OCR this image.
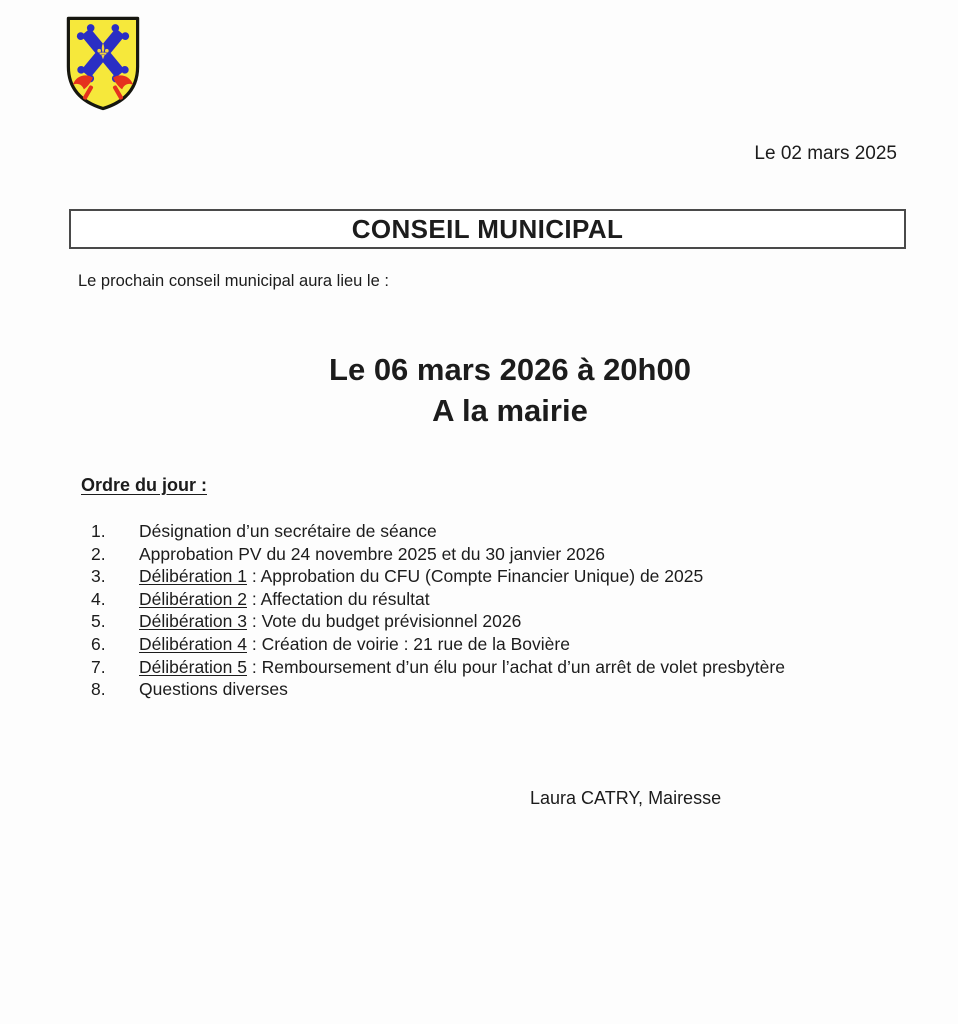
Le 02 mars 2025
CONSEIL MUNICIPAL
Le prochain conseil municipal aura lieu le :
Le 06 mars 2026 à 20h00
A la mairie
Ordre du jour :
1.	Désignation d’un secrétaire de séance
2.	Approbation PV du 24 novembre 2025 et du 30 janvier 2026
3.	Délibération 1 : Approbation du CFU (Compte Financier Unique) de 2025
4.	Délibération 2 : Affectation du résultat
5.	Délibération 3 : Vote du budget prévisionnel 2026
6.	Délibération 4 : Création de voirie : 21 rue de la Bovière
7.	Délibération 5 : Remboursement d’un élu pour l’achat d’un arrêt de volet presbytère
8.	Questions diverses
Laura CATRY, Mairesse
